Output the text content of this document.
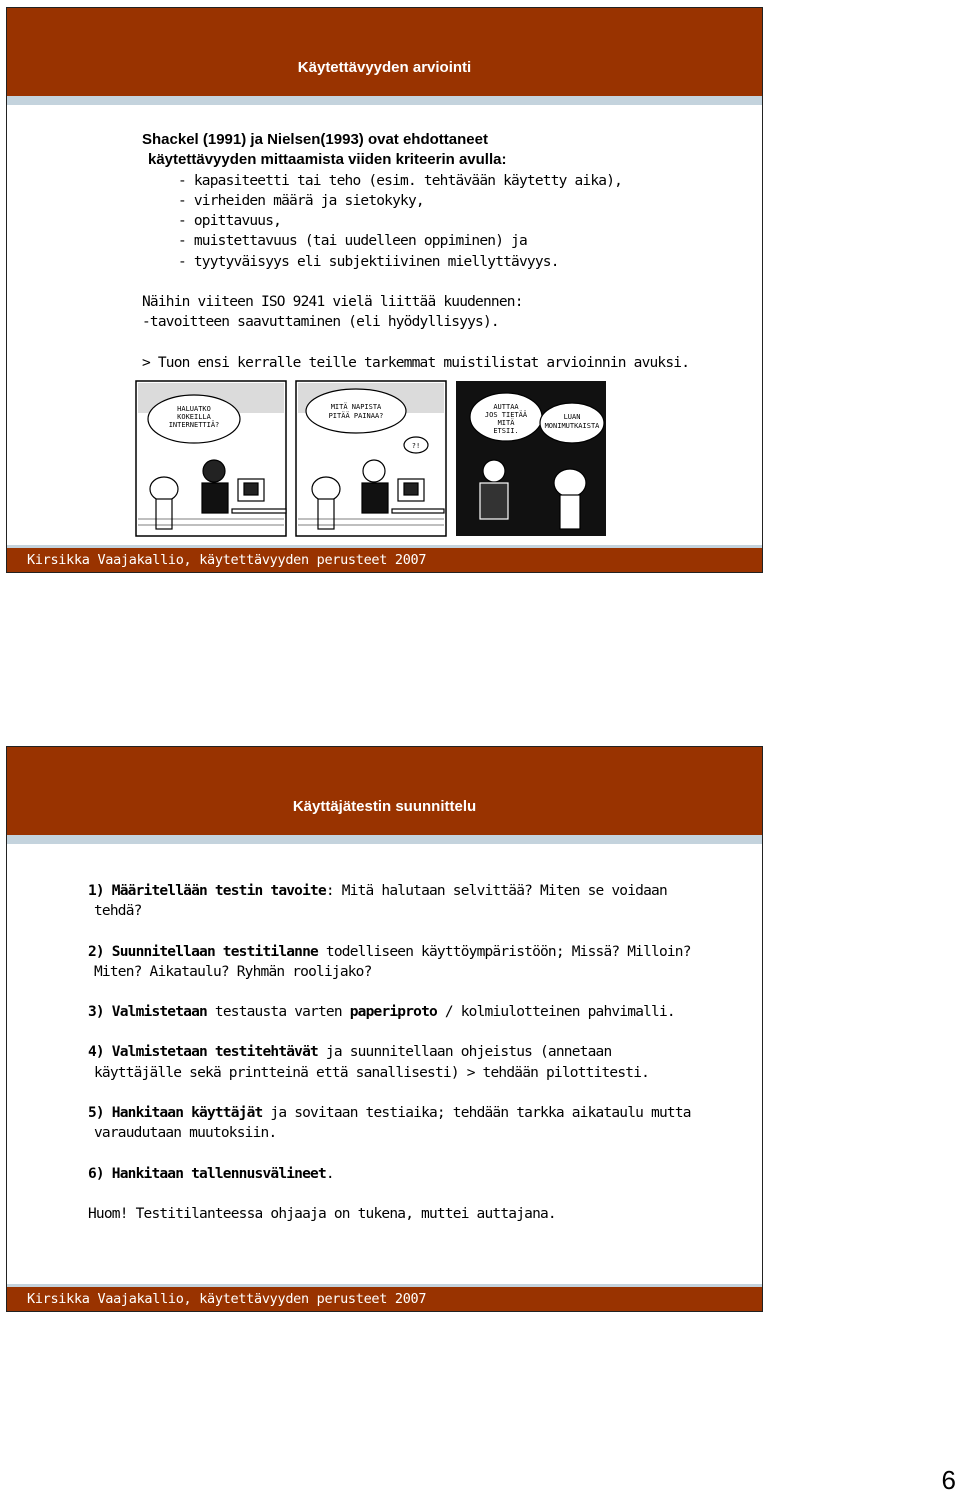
Käytettävyyden arviointi

Shackel (1991) ja Nielsen(1993) ovat ehdottaneet

käytettävyyden mittaamista viiden kriteerin avulla:

- kapasiteetti tai teho (esim. tehtävään käytetty aika),

- virheiden määrä ja sietokyky,

- opittavuus,

- muistettavuus (tai uudelleen oppiminen) ja

- tyytyväisyys eli subjektiivinen miellyttävyys.

Näihin viiteen ISO 9241 vielä liittää kuudennen:

-tavoitteen saavuttaminen (eli hyödyllisyys).

> Tuon ensi kerralle teille tarkemmat muistilistat arvioinnin avuksi.

HALUATKO KOKEILLA INTERNETTIÄ?
MITÄ NAPISTA PITÄÄ PAINAA?
?!
AUTTAA JOS TIETÄÄ MITÄ ETSII.
LUAN MONIMUTKAISTA
Kirsikka Vaajakallio, käytettävyyden perusteet 2007
Käyttäjätestin suunnittelu

1) Määritellään testin tavoite: Mitä halutaan selvittää? Miten se voidaan

tehdä?

2) Suunnitellaan testitilanne todelliseen käyttöympäristöön; Missä? Milloin?

Miten? Aikataulu? Ryhmän roolijako?

3) Valmistetaan testausta varten paperiproto / kolmiulotteinen pahvimalli.

4) Valmistetaan testitehtävät ja suunnitellaan ohjeistus (annetaan

käyttäjälle sekä printteinä että sanallisesti) > tehdään pilottitesti.

5) Hankitaan käyttäjät ja sovitaan testiaika; tehdään tarkka aikataulu mutta

varaudutaan muutoksiin.

6) Hankitaan tallennusvälineet.

Huom! Testitilanteessa ohjaaja on tukena, muttei auttajana.

Kirsikka Vaajakallio, käytettävyyden perusteet 2007
6
